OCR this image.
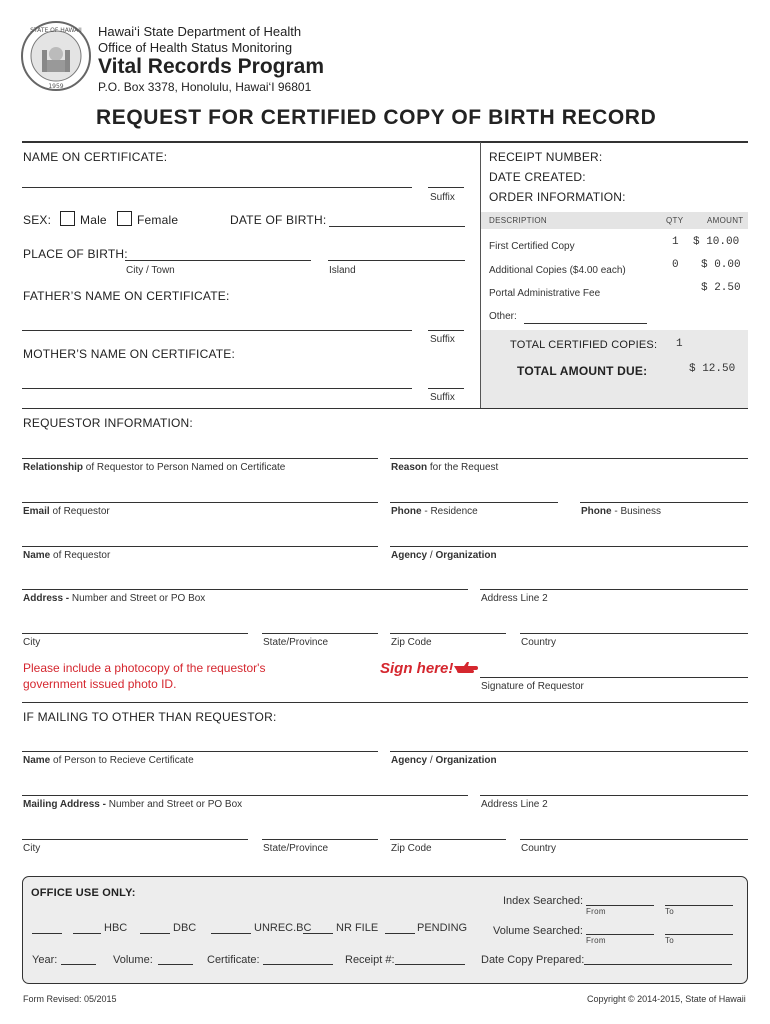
STATE OF HAWAII
1959
Hawai‘i State Department of Health
Office of Health Status Monitoring
Vital Records Program
P.O. Box 3378, Honolulu, Hawai‘I 96801
REQUEST FOR CERTIFIED COPY OF BIRTH RECORD
NAME ON CERTIFICATE:
Suffix
SEX: Male	Female	DATE OF BIRTH:
PLACE OF BIRTH:
City / Town	Island
FATHER’S NAME ON CERTIFICATE:
Suffix
MOTHER’S NAME ON CERTIFICATE:
Suffix
RECEIPT NUMBER:
DATE CREATED:
ORDER INFORMATION:
DESCRIPTION	QTY	AMOUNT
First Certified Copy	1 $ 10.00
Additional Copies ($4.00 each)	0 $ 0.00
Portal Administrative Fee	$ 2.50
Other:
TOTAL CERTIFIED COPIES: 1
TOTAL AMOUNT DUE:	$ 12.50
REQUESTOR INFORMATION:
Relationship of Requestor to Person Named on Certificate	Reason for the Request
Email of Requestor	Phone - Residence	Phone - Business
Name of Requestor	Agency / Organization
Address - Number and Street or PO Box	Address Line 2
City	State/Province	Zip Code	Country
Please include a photocopy of the requestor's
government issued photo ID.
Sign here!
Signature of Requestor
IF MAILING TO OTHER THAN REQUESTOR:
Name of Person to Recieve Certificate	Agency / Organization
Mailing Address - Number and Street or PO Box	Address Line 2
City	State/Province	Zip Code	Country
OFFICE USE ONLY:
Index Searched:
From	To
HBC	DBC	UNREC.BC NR FILE	PENDING Volume Searched:
From	To
Year:	Volume:	Certificate:	Receipt #:	Date Copy Prepared:
Form Revised: 05/2015	Copyright © 2014-2015, State of Hawaii
